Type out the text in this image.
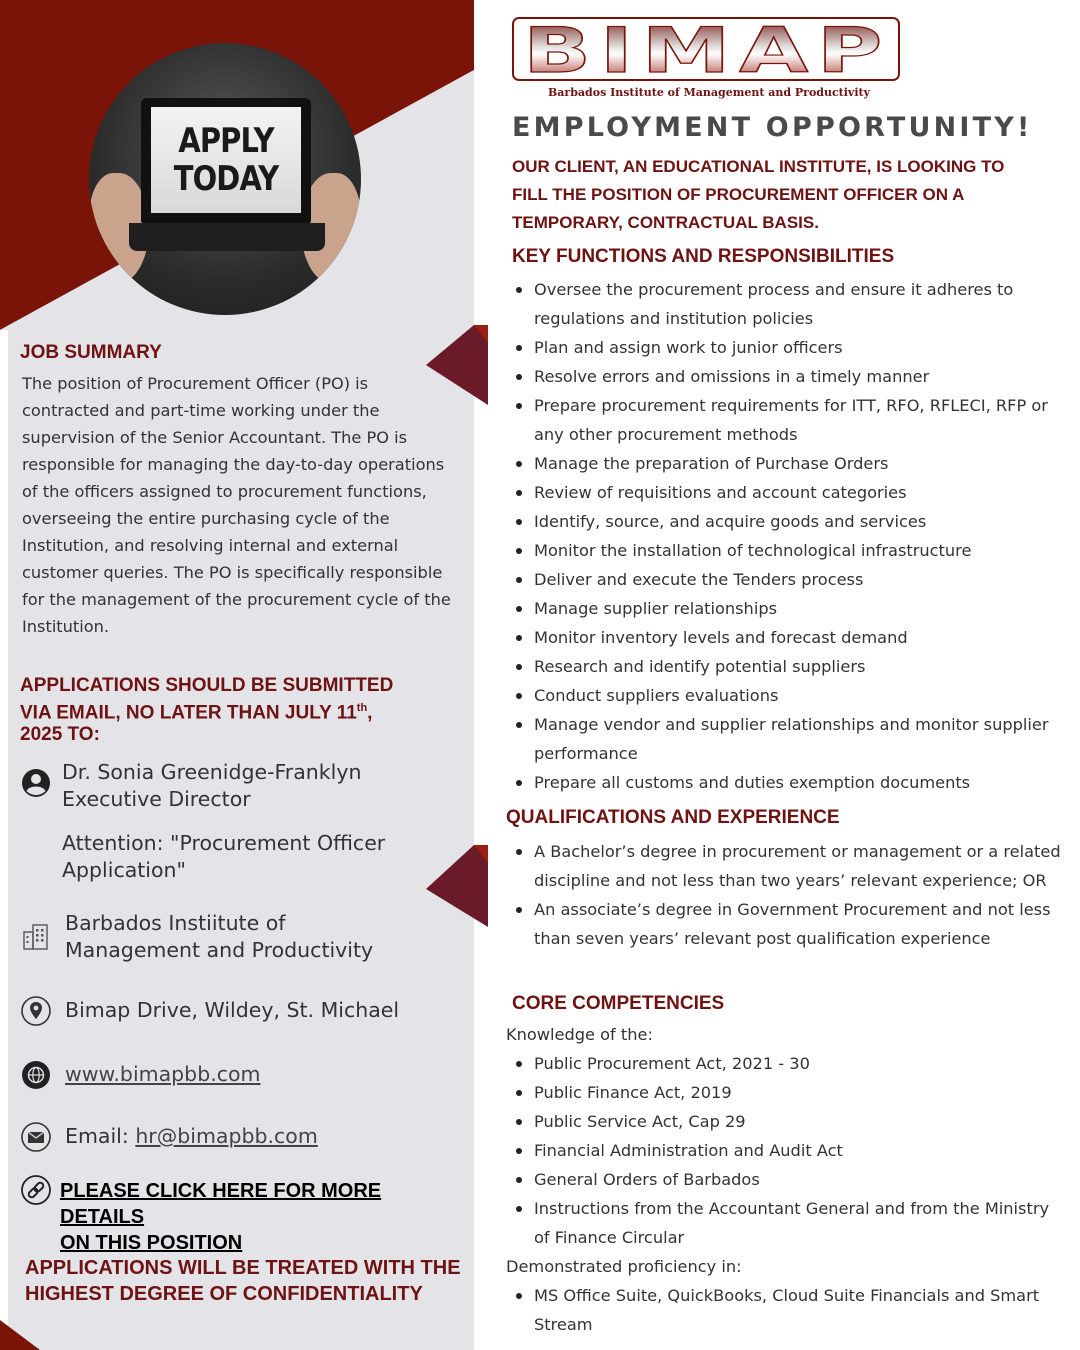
APPLY
TODAY
JOB SUMMARY

The position of Procurement Officer (PO) is contracted and part-time working under the supervision of the Senior Accountant. The PO is responsible for managing the day-to-day operations of the officers assigned to procurement functions, overseeing the entire purchasing cycle of the Institution, and resolving internal and external customer queries. The PO is specifically responsible for the management of the procurement cycle of the Institution.

APPLICATIONS SHOULD BE SUBMITTED
VIA EMAIL, NO LATER THAN JULY 11th,
2025 TO:
Dr. Sonia Greenidge-Franklyn
Executive Director
Attention: "Procurement Officer
Application"
Barbados Instiitute of
Management and Productivity
Bimap Drive, Wildey, St. Michael
www.bimapbb.com
Email: hr@bimapbb.com
PLEASE CLICK HERE FOR MORE DETAILS
ON THIS POSITION
APPLICATIONS WILL BE TREATED WITH THE
HIGHEST DEGREE OF CONFIDENTIALITY
BIMAP
Barbados Institute of Management and Productivity
EMPLOYMENT OPPORTUNITY!
OUR CLIENT, AN EDUCATIONAL INSTITUTE, IS LOOKING TO
FILL THE POSITION OF PROCUREMENT OFFICER ON A
TEMPORARY, CONTRACTUAL BASIS.
KEY FUNCTIONS AND RESPONSIBILITIES
Oversee the procurement process and ensure it adheres to regulations and institution policies
Plan and assign work to junior officers
Resolve errors and omissions in a timely manner
Prepare procurement requirements for ITT, RFO, RFLECI, RFP or any other procurement methods
Manage the preparation of Purchase Orders
Review of requisitions and account categories
Identify, source, and acquire goods and services
Monitor the installation of technological infrastructure
Deliver and execute the Tenders process
Manage supplier relationships
Monitor inventory levels and forecast demand
Research and identify potential suppliers
Conduct suppliers evaluations
Manage vendor and supplier relationships and monitor supplier performance
Prepare all customs and duties exemption documents
QUALIFICATIONS AND EXPERIENCE
A Bachelor’s degree in procurement or management or a related discipline and not less than two years’ relevant experience; OR
An associate’s degree in Government Procurement and not less than seven years’ relevant post qualification experience
CORE COMPETENCIES
Knowledge of the:
Public Procurement Act, 2021 - 30
Public Finance Act, 2019
Public Service Act, Cap 29
Financial Administration and Audit Act
General Orders of Barbados
Instructions from the Accountant General and from the Ministry of Finance Circular
Demonstrated proficiency in:
MS Office Suite, QuickBooks, Cloud Suite Financials and Smart Stream
